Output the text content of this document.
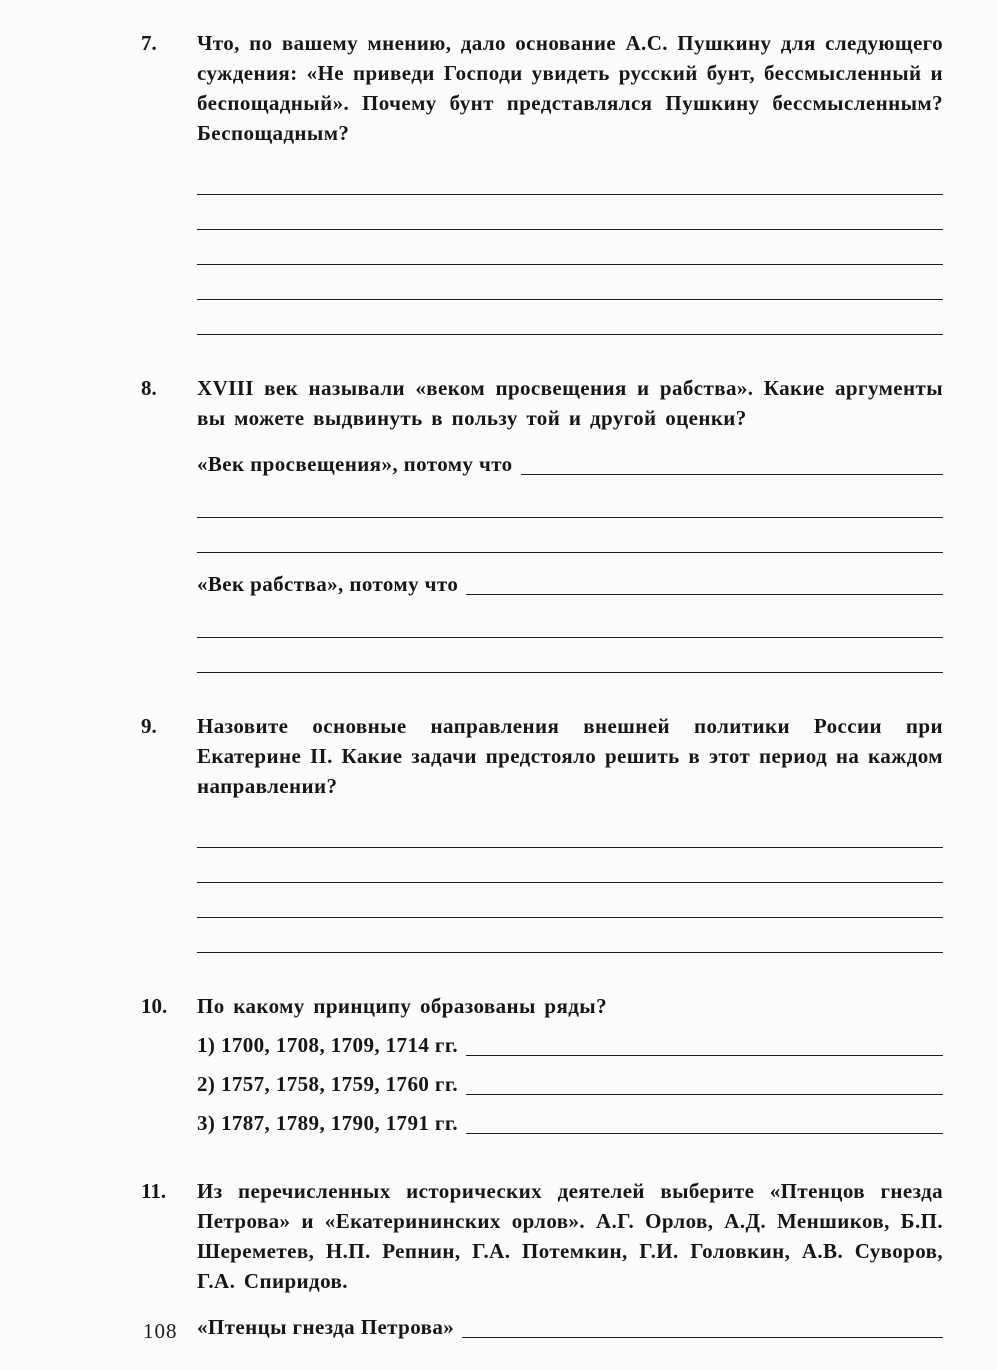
7.	Что, по вашему мнению, дало основание А.С. Пушкину для следующего суждения: «Не приведи Господи увидеть русский бунт, бессмысленный и беспощадный». Почему бунт представлялся Пушкину бессмысленным? Беспощадным?
8.	XVIII век называли «веком просвещения и рабства». Какие аргументы вы можете выдвинуть в пользу той и другой оценки?
«Век просвещения», потому что
«Век рабства», потому что
9.	Назовите основные направления внешней политики России при Екатерине II. Какие задачи предстояло решить в этот период на каждом направлении?
10.	По какому принципу образованы ряды?
1) 1700, 1708, 1709, 1714 гг.
2) 1757, 1758, 1759, 1760 гг.
3) 1787, 1789, 1790, 1791 гг.
11.	Из перечисленных исторических деятелей выберите «Птенцов гнезда Петрова» и «Екатерининских орлов». А.Г. Орлов, А.Д. Меншиков, Б.П. Шереметев, Н.П. Репнин, Г.А. Потемкин, Г.И. Головкин, А.В. Суворов, Г.А. Спиридов.
«Птенцы гнезда Петрова»
108
